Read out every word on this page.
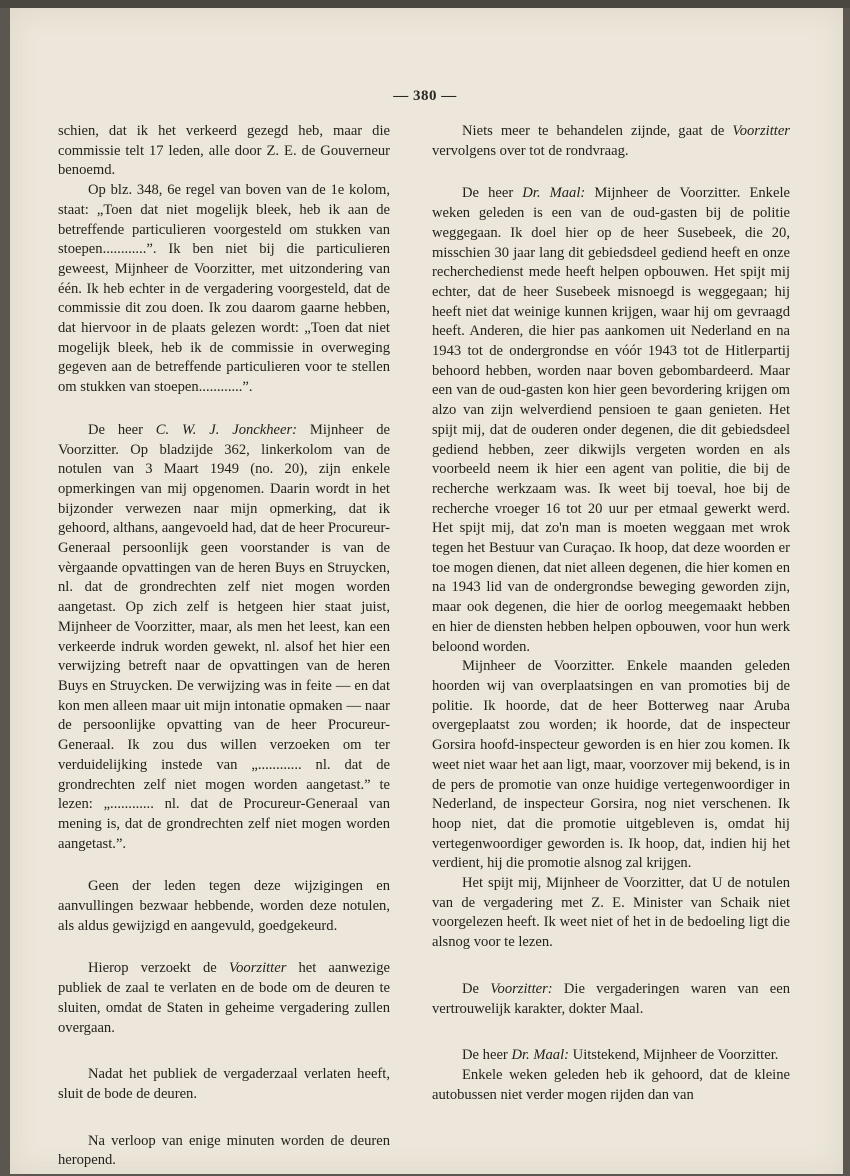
— 380 —

schien, dat ik het verkeerd gezegd heb, maar die commissie telt 17 leden, alle door Z. E. de Gouverneur benoemd.

Op blz. 348, 6e regel van boven van de 1e kolom, staat: „Toen dat niet mogelijk bleek, heb ik aan de betreffende particulieren voorgesteld om stukken van stoepen............”. Ik ben niet bij die particulieren geweest, Mijnheer de Voorzitter, met uitzondering van één. Ik heb echter in de vergadering voorgesteld, dat de commissie dit zou doen. Ik zou daarom gaarne hebben, dat hiervoor in de plaats gelezen wordt: „Toen dat niet mogelijk bleek, heb ik de commissie in overweging gegeven aan de betreffende particulieren voor te stellen om stukken van stoepen............”.

De heer C. W. J. Jonckheer: Mijnheer de Voorzitter. Op bladzijde 362, linkerkolom van de notulen van 3 Maart 1949 (no. 20), zijn enkele opmerkingen van mij opgenomen. Daarin wordt in het bijzonder verwezen naar mijn opmerking, dat ik gehoord, althans, aangevoeld had, dat de heer Procureur-Generaal persoonlijk geen voorstander is van de vèrgaande opvattingen van de heren Buys en Struycken, nl. dat de grondrechten zelf niet mogen worden aangetast. Op zich zelf is hetgeen hier staat juist, Mijnheer de Voorzitter, maar, als men het leest, kan een verkeerde indruk worden gewekt, nl. alsof het hier een verwijzing betreft naar de opvattingen van de heren Buys en Struycken. De verwijzing was in feite — en dat kon men alleen maar uit mijn intonatie opmaken — naar de persoonlijke opvatting van de heer Procureur-Generaal. Ik zou dus willen verzoeken om ter verduidelijking instede van „............ nl. dat de grondrechten zelf niet mogen worden aangetast.” te lezen: „............ nl. dat de Procureur-Generaal van mening is, dat de grondrechten zelf niet mogen worden aangetast.”.

Geen der leden tegen deze wijzigingen en aanvullingen bezwaar hebbende, worden deze notulen, als aldus gewijzigd en aangevuld, goedgekeurd.

Hierop verzoekt de Voorzitter het aanwezige publiek de zaal te verlaten en de bode om de deuren te sluiten, omdat de Staten in geheime vergadering zullen overgaan.

Nadat het publiek de vergaderzaal verlaten heeft, sluit de bode de deuren.

Na verloop van enige minuten worden de deuren heropend.

Niets meer te behandelen zijnde, gaat de Voorzitter vervolgens over tot de rondvraag.

De heer Dr. Maal: Mijnheer de Voorzitter. Enkele weken geleden is een van de oud-gasten bij de politie weggegaan. Ik doel hier op de heer Susebeek, die 20, misschien 30 jaar lang dit gebiedsdeel gediend heeft en onze recherchedienst mede heeft helpen opbouwen. Het spijt mij echter, dat de heer Susebeek misnoegd is weggegaan; hij heeft niet dat weinige kunnen krijgen, waar hij om gevraagd heeft. Anderen, die hier pas aankomen uit Nederland en na 1943 tot de ondergrondse en vóór 1943 tot de Hitlerpartij behoord hebben, worden naar boven gebombardeerd. Maar een van de oud-gasten kon hier geen bevordering krijgen om alzo van zijn welverdiend pensioen te gaan genieten. Het spijt mij, dat de ouderen onder degenen, die dit gebiedsdeel gediend hebben, zeer dikwijls vergeten worden en als voorbeeld neem ik hier een agent van politie, die bij de recherche werkzaam was. Ik weet bij toeval, hoe bij de recherche vroeger 16 tot 20 uur per etmaal gewerkt werd. Het spijt mij, dat zo'n man is moeten weggaan met wrok tegen het Bestuur van Curaçao. Ik hoop, dat deze woorden er toe mogen dienen, dat niet alleen degenen, die hier komen en na 1943 lid van de ondergrondse beweging geworden zijn, maar ook degenen, die hier de oorlog meegemaakt hebben en hier de diensten hebben helpen opbouwen, voor hun werk beloond worden.

Mijnheer de Voorzitter. Enkele maanden geleden hoorden wij van overplaatsingen en van promoties bij de politie. Ik hoorde, dat de heer Botterweg naar Aruba overgeplaatst zou worden; ik hoorde, dat de inspecteur Gorsira hoofd-inspecteur geworden is en hier zou komen. Ik weet niet waar het aan ligt, maar, voorzover mij bekend, is in de pers de promotie van onze huidige vertegenwoordiger in Nederland, de inspecteur Gorsira, nog niet verschenen. Ik hoop niet, dat die promotie uitgebleven is, omdat hij vertegenwoordiger geworden is. Ik hoop, dat, indien hij het verdient, hij die promotie alsnog zal krijgen.

Het spijt mij, Mijnheer de Voorzitter, dat U de notulen van de vergadering met Z. E. Minister van Schaik niet voorgelezen heeft. Ik weet niet of het in de bedoeling ligt die alsnog voor te lezen.

De Voorzitter: Die vergaderingen waren van een vertrouwelijk karakter, dokter Maal.

De heer Dr. Maal: Uitstekend, Mijnheer de Voorzitter.

Enkele weken geleden heb ik gehoord, dat de kleine autobussen niet verder mogen rijden dan van
